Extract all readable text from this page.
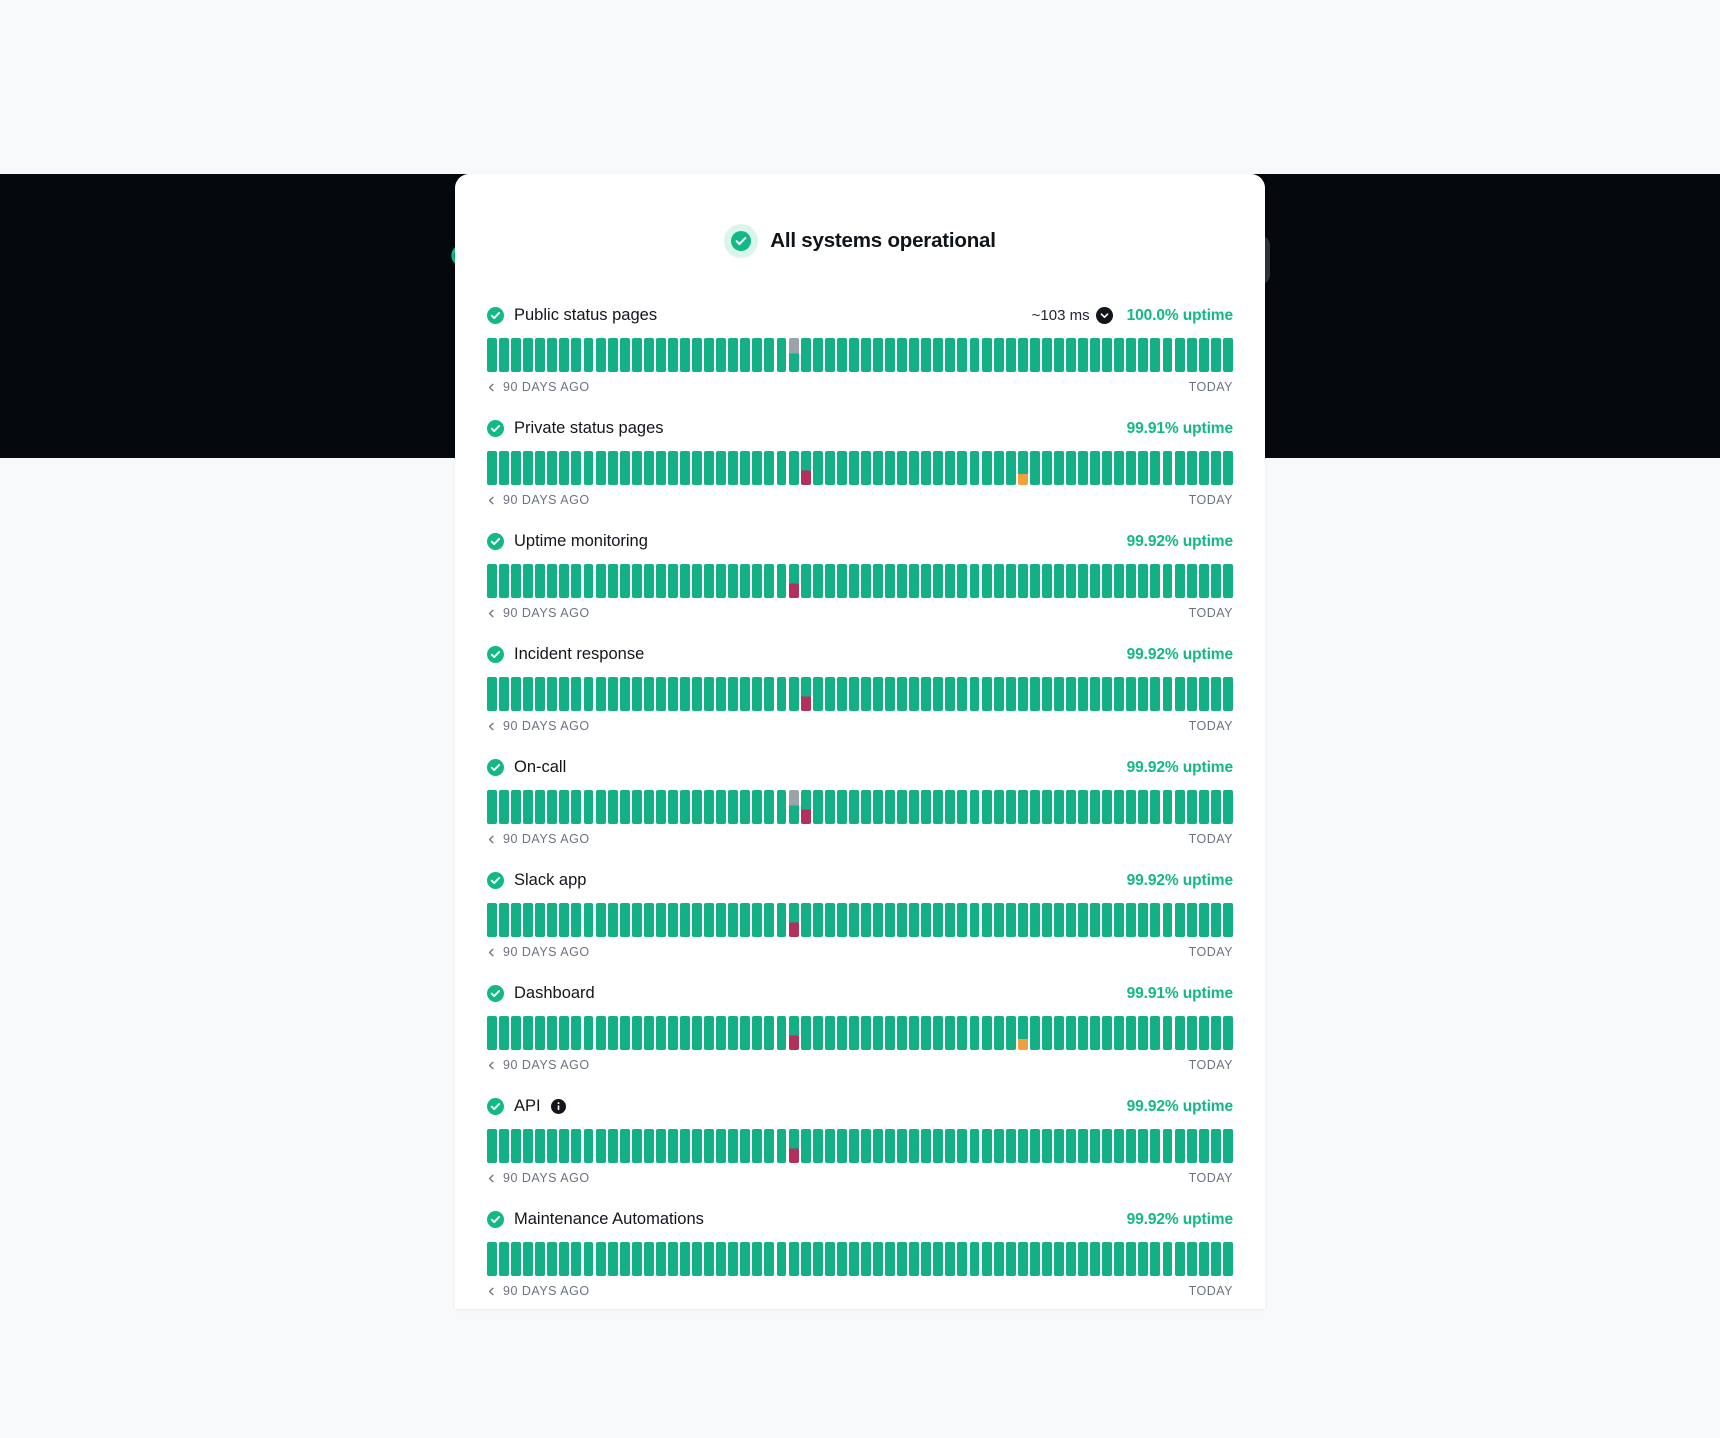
All systems operational
Public status pages	~103 ms 100.0% uptime
90 DAYS AGO	TODAY
Private status pages	99.91% uptime
90 DAYS AGO	TODAY
Uptime monitoring	99.92% uptime
90 DAYS AGO	TODAY
Incident response	99.92% uptime
90 DAYS AGO	TODAY
On-call	99.92% uptime
90 DAYS AGO	TODAY
Slack app	99.92% uptime
90 DAYS AGO	TODAY
Dashboard	99.91% uptime
90 DAYS AGO	TODAY
API	99.92% uptime
90 DAYS AGO	TODAY
Maintenance Automations	99.92% uptime
90 DAYS AGO	TODAY
